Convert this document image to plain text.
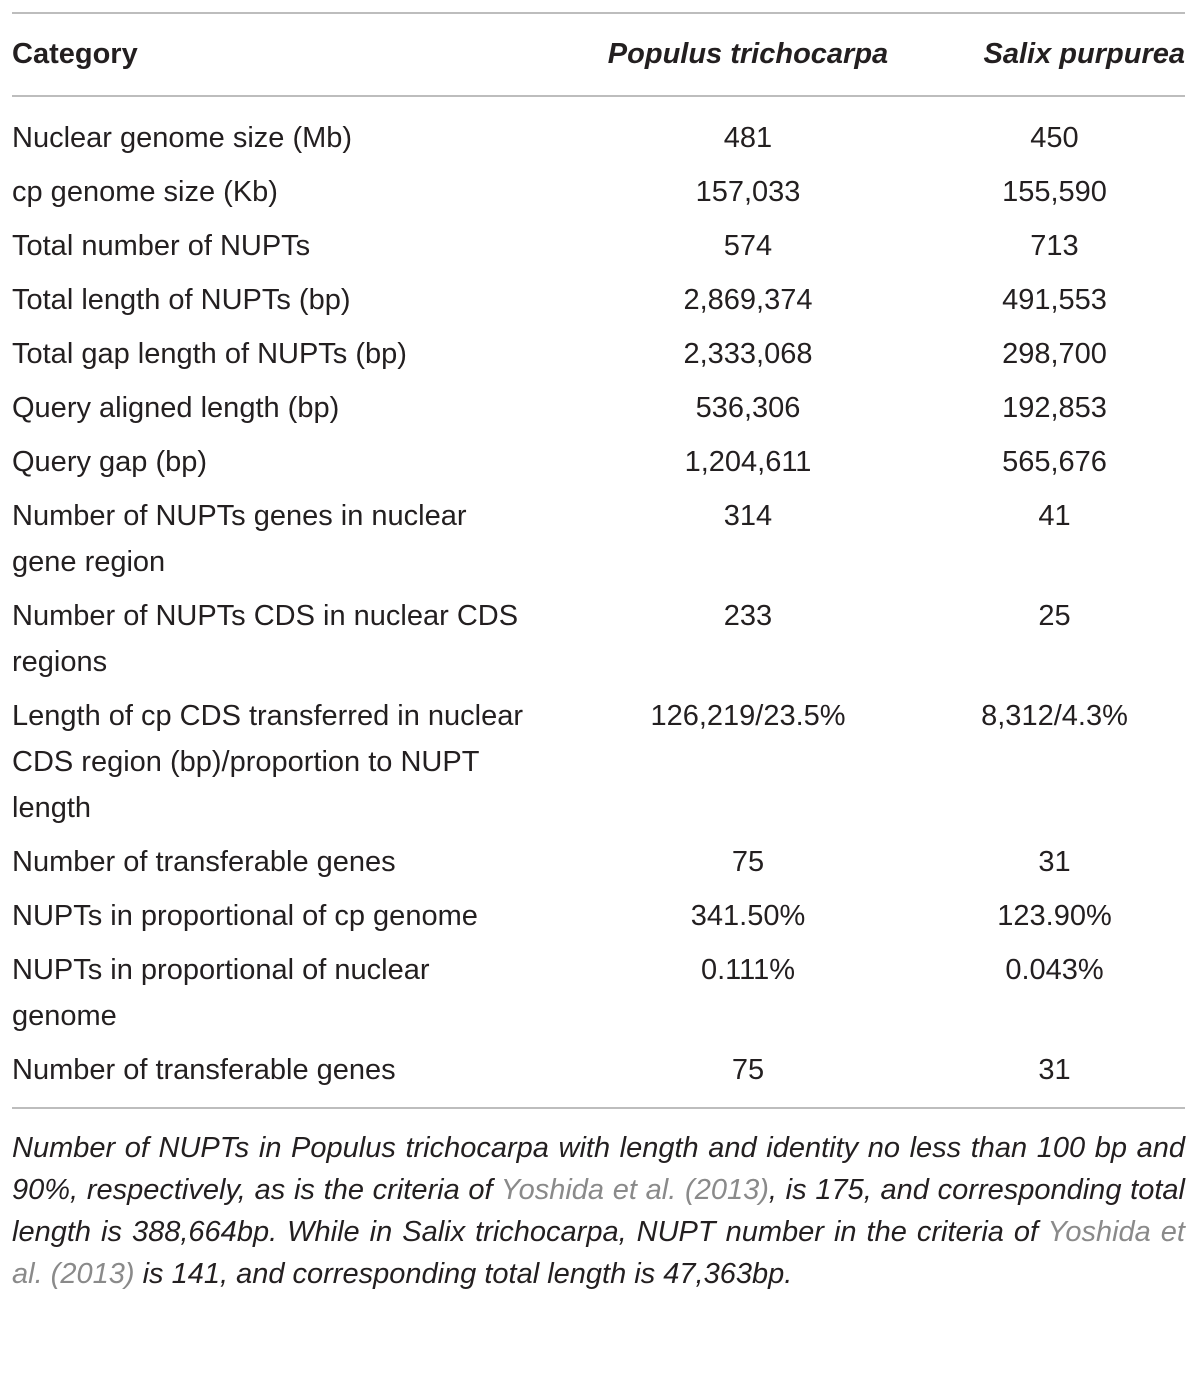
Category	Populus trichocarpa	Salix purpurea
Nuclear genome size (Mb)	481	450
cp genome size (Kb)	157,033	155,590
Total number of NUPTs	574	713
Total length of NUPTs (bp)	2,869,374	491,553
Total gap length of NUPTs (bp)	2,333,068	298,700
Query aligned length (bp)	536,306	192,853
Query gap (bp)	1,204,611	565,676
Number of NUPTs genes in nuclear gene region	314	41
Number of NUPTs CDS in nuclear CDS regions	233	25
Length of cp CDS transferred in nuclear CDS region (bp)/proportion to NUPT length	126,219/23.5%	8,312/4.3%
Number of transferable genes	75	31
NUPTs in proportional of cp genome	341.50%	123.90%
NUPTs in proportional of nuclear genome	0.111%	0.043%
Number of transferable genes	75	31

Number of NUPTs in Populus trichocarpa with length and identity no less than 100 bp and 90%, respectively, as is the criteria of Yoshida et al. (2013), is 175, and corresponding total length is 388,664bp. While in Salix trichocarpa, NUPT number in the criteria of Yoshida et al. (2013) is 141, and corresponding total length is 47,363bp.
